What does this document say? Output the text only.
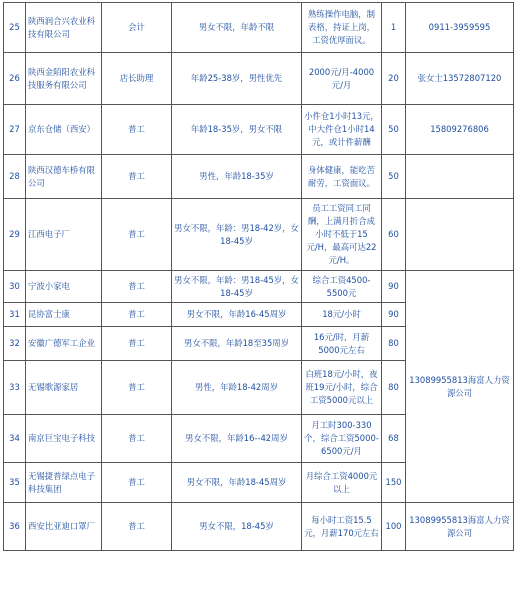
25	陕西润合兴农业科技有限公司	会计	男女不限，年龄不限	熟练操作电脑，制表格，持证上岗，工资优厚面议。	1	0911-3959595
26	陕西金陌阳农业科技服务有限公司	店长助理	年龄25-38岁，男性优先	2000元/月-4000元/月	20	张女士13572807120
27	京东仓储（西安）	普工	年龄18-35岁，男女不限	小件仓1小时13元，中大件仓1小时14元，或计件薪酬	50	15809276806
28	陕西汉德车桥有限公司	普工	男性，年龄18-35岁	身体健康，能吃苦耐劳，工资面议。	50	
29	江西电子厂	普工	男女不限，年龄：男18-42岁，女18-45岁	员工工资同工同酬，上满月折合成小时不低于15元/H，最高可达22元/H。	60	
30	宁波小家电	普工	男女不限，年龄：男18-45岁，女18-45岁	综合工资4500-5500元	90	13089955813海富人力资源公司
31	昆协富士康	普工	男女不限，年龄16-45周岁	18元/小时	90	
32	安徽广德军工企业	普工	男女不限，年龄18至35周岁	16元/时，月薪5000元左右	80	
33	无锡歌源家居	普工	男性，年龄18-42周岁	白班18元/小时，夜班19元/小时，综合工资5000元以上	80	
34	南京巨宝电子科技	普工	男女不限，年龄16--42周岁	月工时300-330个，综合工资5000-6500元/月	68	
35	无锡捷普绿点电子科技集团	普工	男女不限，年龄18-45周岁	月综合工资4000元以上	150	
36	西安比亚迪口罩厂	普工	男女不限，18-45岁	每小时工资15.5元，月薪170元左右	100	13089955813海富人力资源公司
